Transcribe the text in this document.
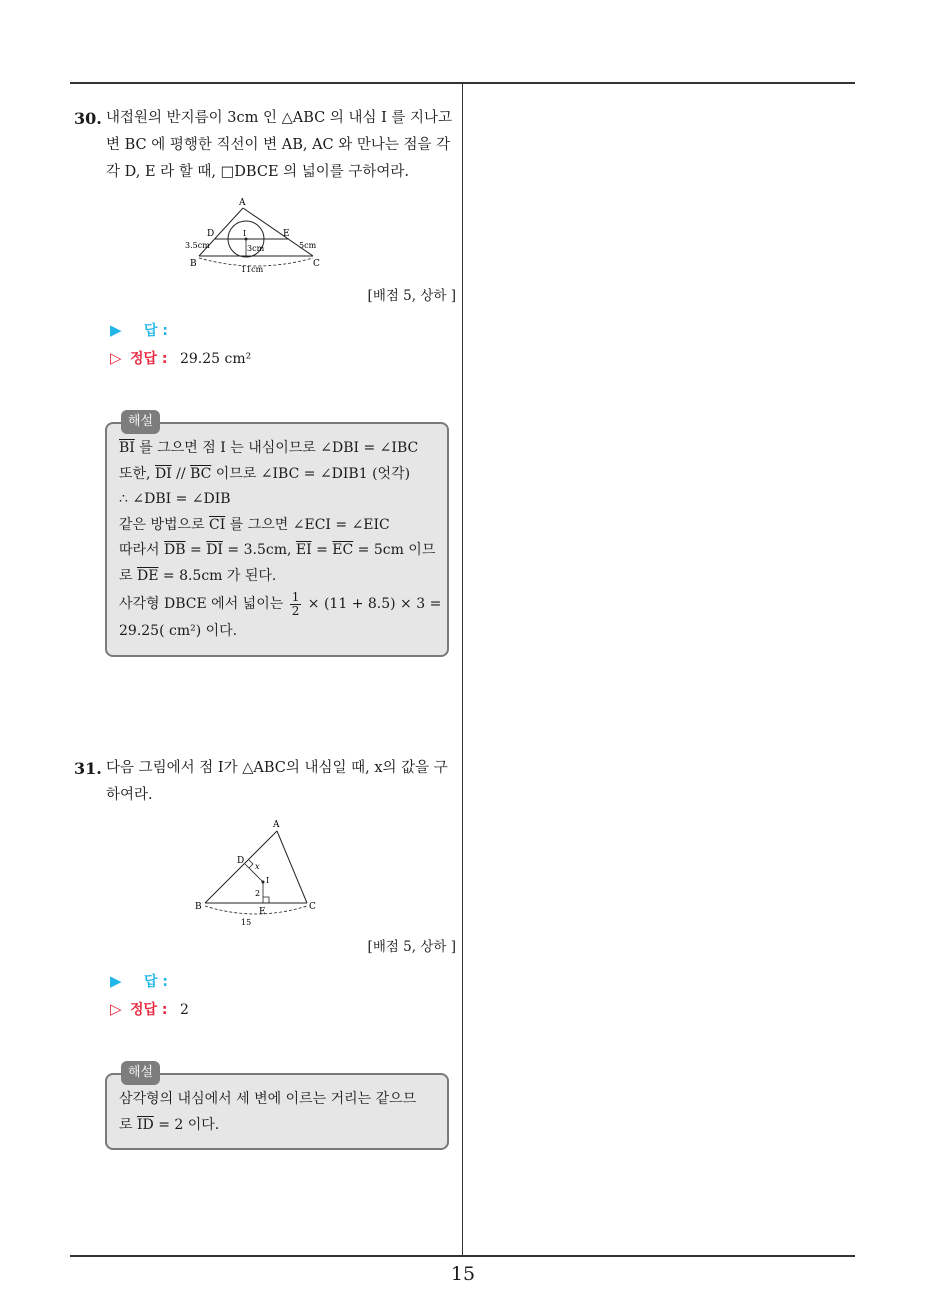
30. 내접원의 반지름이 3cm 인 △ABC 의 내심 I 를 지나고 변 BC 에 평행한 직선이 변 AB, AC 와 만나는 점을 각각 D, E 라 할 때, □DBCE 의 넓이를 구하여라.
A
B	C
D	E
I
3.5cm	5cm
3cm
11cm
[배점 5, 상하 ]
▶ 답 :
▷ 정답 : 29.25 cm²
해설
$\overline{BI}$ 를 그으면 점 I 는 내심이므로 ∠DBI = ∠IBC
또한, $\overline{DI} // \overline{BC}$ 이므로 ∠IBC = ∠DIB1 (엇각)
∴ ∠DBI = ∠DIB
같은 방법으로 $\overline{CI}$ 를 그으면 ∠ECI = ∠EIC
따라서 $\overline{DB} = \overline{DI} = 3.5cm$, $\overline{EI} = \overline{EC} = 5cm$ 이므
로 $\overline{DE} = 8.5cm$ 가 된다.
사각형 DBCE 에서 넓이는 $\frac{1}{2} \times (11 + 8.5) \times 3$ =
29.25( cm²) 이다.
31. 다음 그림에서 점 I가 △ABC의 내심일 때, x의 값을 구하여라.
A
B	C
D
E
I
x
2
15
[배점 5, 상하 ]
▶ 답 :
▷ 정답 : 2
해설
삼각형의 내심에서 세 변에 이르는 거리는 같으므
로 $\overline{ID} = 2$ 이다.
15
